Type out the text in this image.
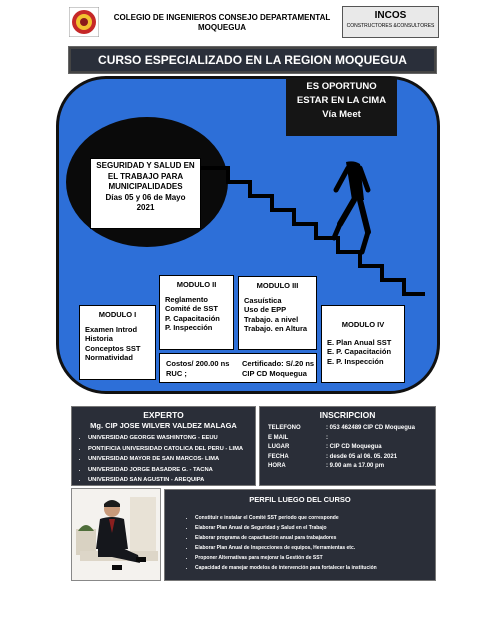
COLEGIO DE INGENIEROS CONSEJO DEPARTAMENTAL MOQUEGUA
INCOS
CONSTRUCTORES &CONSULTORES
CURSO ESPECIALIZADO EN LA REGION MOQUEGUA
ES OPORTUNO
ESTAR EN LA CIMA
Vía Meet
SEGURIDAD Y SALUD EN
EL TRABAJO PARA
MUNICIPALIDADES
Días 05 y 06 de Mayo
2021
MODULO I
Examen Introd
Historia
Conceptos SST
Normatividad
MODULO II
Reglamento
Comité de SST
P. Capacitación
P. Inspección
MODULO III
Casuística
Uso de EPP
Trabajo. a nivel
Trabajo. en Altura	MODULO IV
E. Plan Anual SST
E. P. Capacitación
E. P. Inspección
Costos/ 200.00 ns
RUC ;
Certificado: S/.20 ns
CIP CD Moquegua
EXPERTO
Mg. CIP JOSE WILVER VALDEZ MALAGA
• UNIVERSIDAD GEORGE WASHINTONG - EEUU
• PONTIFICIA UNIVERSIDAD CATOLICA DEL PERU - LIMA
• UNIVERSIDAD MAYOR DE SAN MARCOS- LIMA
• UNIVERSIDAD JORGE BASADRE G. - TACNA
• UNIVERSIDAD SAN AGUSTIN - AREQUIPA
INSCRIPCION
TELEFONO	: 053 462489 CIP CD Moquegua
E MAIL	:
LUGAR	: CIP CD Moquegua
FECHA	: desde 05 al 06. 05. 2021
HORA	: 9.00 am a 17.00 pm
PERFIL LUEGO DEL CURSO
• Constituir e instalar el Comité SST periodo que corresponde
• Elaborar Plan Anual de Seguridad y Salud en el Trabajo
• Elaborar programa de capacitación anual para trabajadores
• Elaborar Plan Anual de Inspecciones de equipos, Herramientas etc.
• Proponer Alternativas para mejorar la Gestión de SST
• Capacidad de manejar modelos de intervención para fortalecer la institución
